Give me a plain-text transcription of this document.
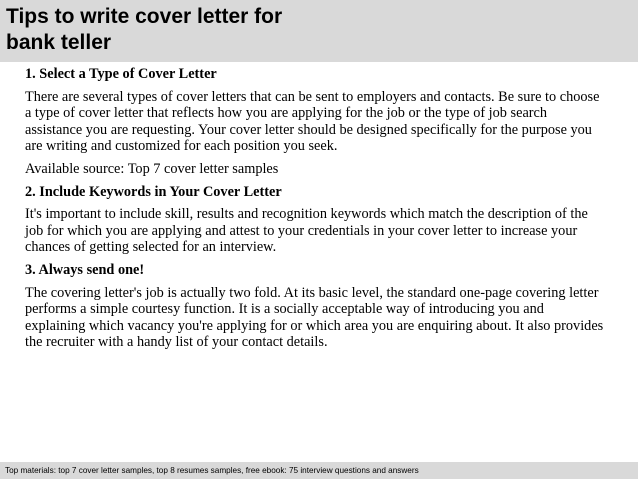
Tips to write cover letter for
bank teller

1. Select a Type of Cover Letter

There are several types of cover letters that can be sent to employers and contacts. Be sure to choose a type of cover letter that reflects how you are applying for the job or the type of job search assistance you are requesting. Your cover letter should be designed specifically for the purpose you are writing and customized for each position you seek.

Available source: Top 7 cover letter samples

2. Include Keywords in Your Cover Letter

It's important to include skill, results and recognition keywords which match the description of the job for which you are applying and attest to your credentials in your cover letter to increase your chances of getting selected for an interview.

3. Always send one!

The covering letter's job is actually two fold. At its basic level, the standard one-page covering letter performs a simple courtesy function. It is a socially acceptable way of introducing you and explaining which vacancy you're applying for or which area you are enquiring about. It also provides the recruiter with a handy list of your contact details.

Top materials: top 7 cover letter samples, top 8 resumes samples, free ebook: 75 interview questions and answers
